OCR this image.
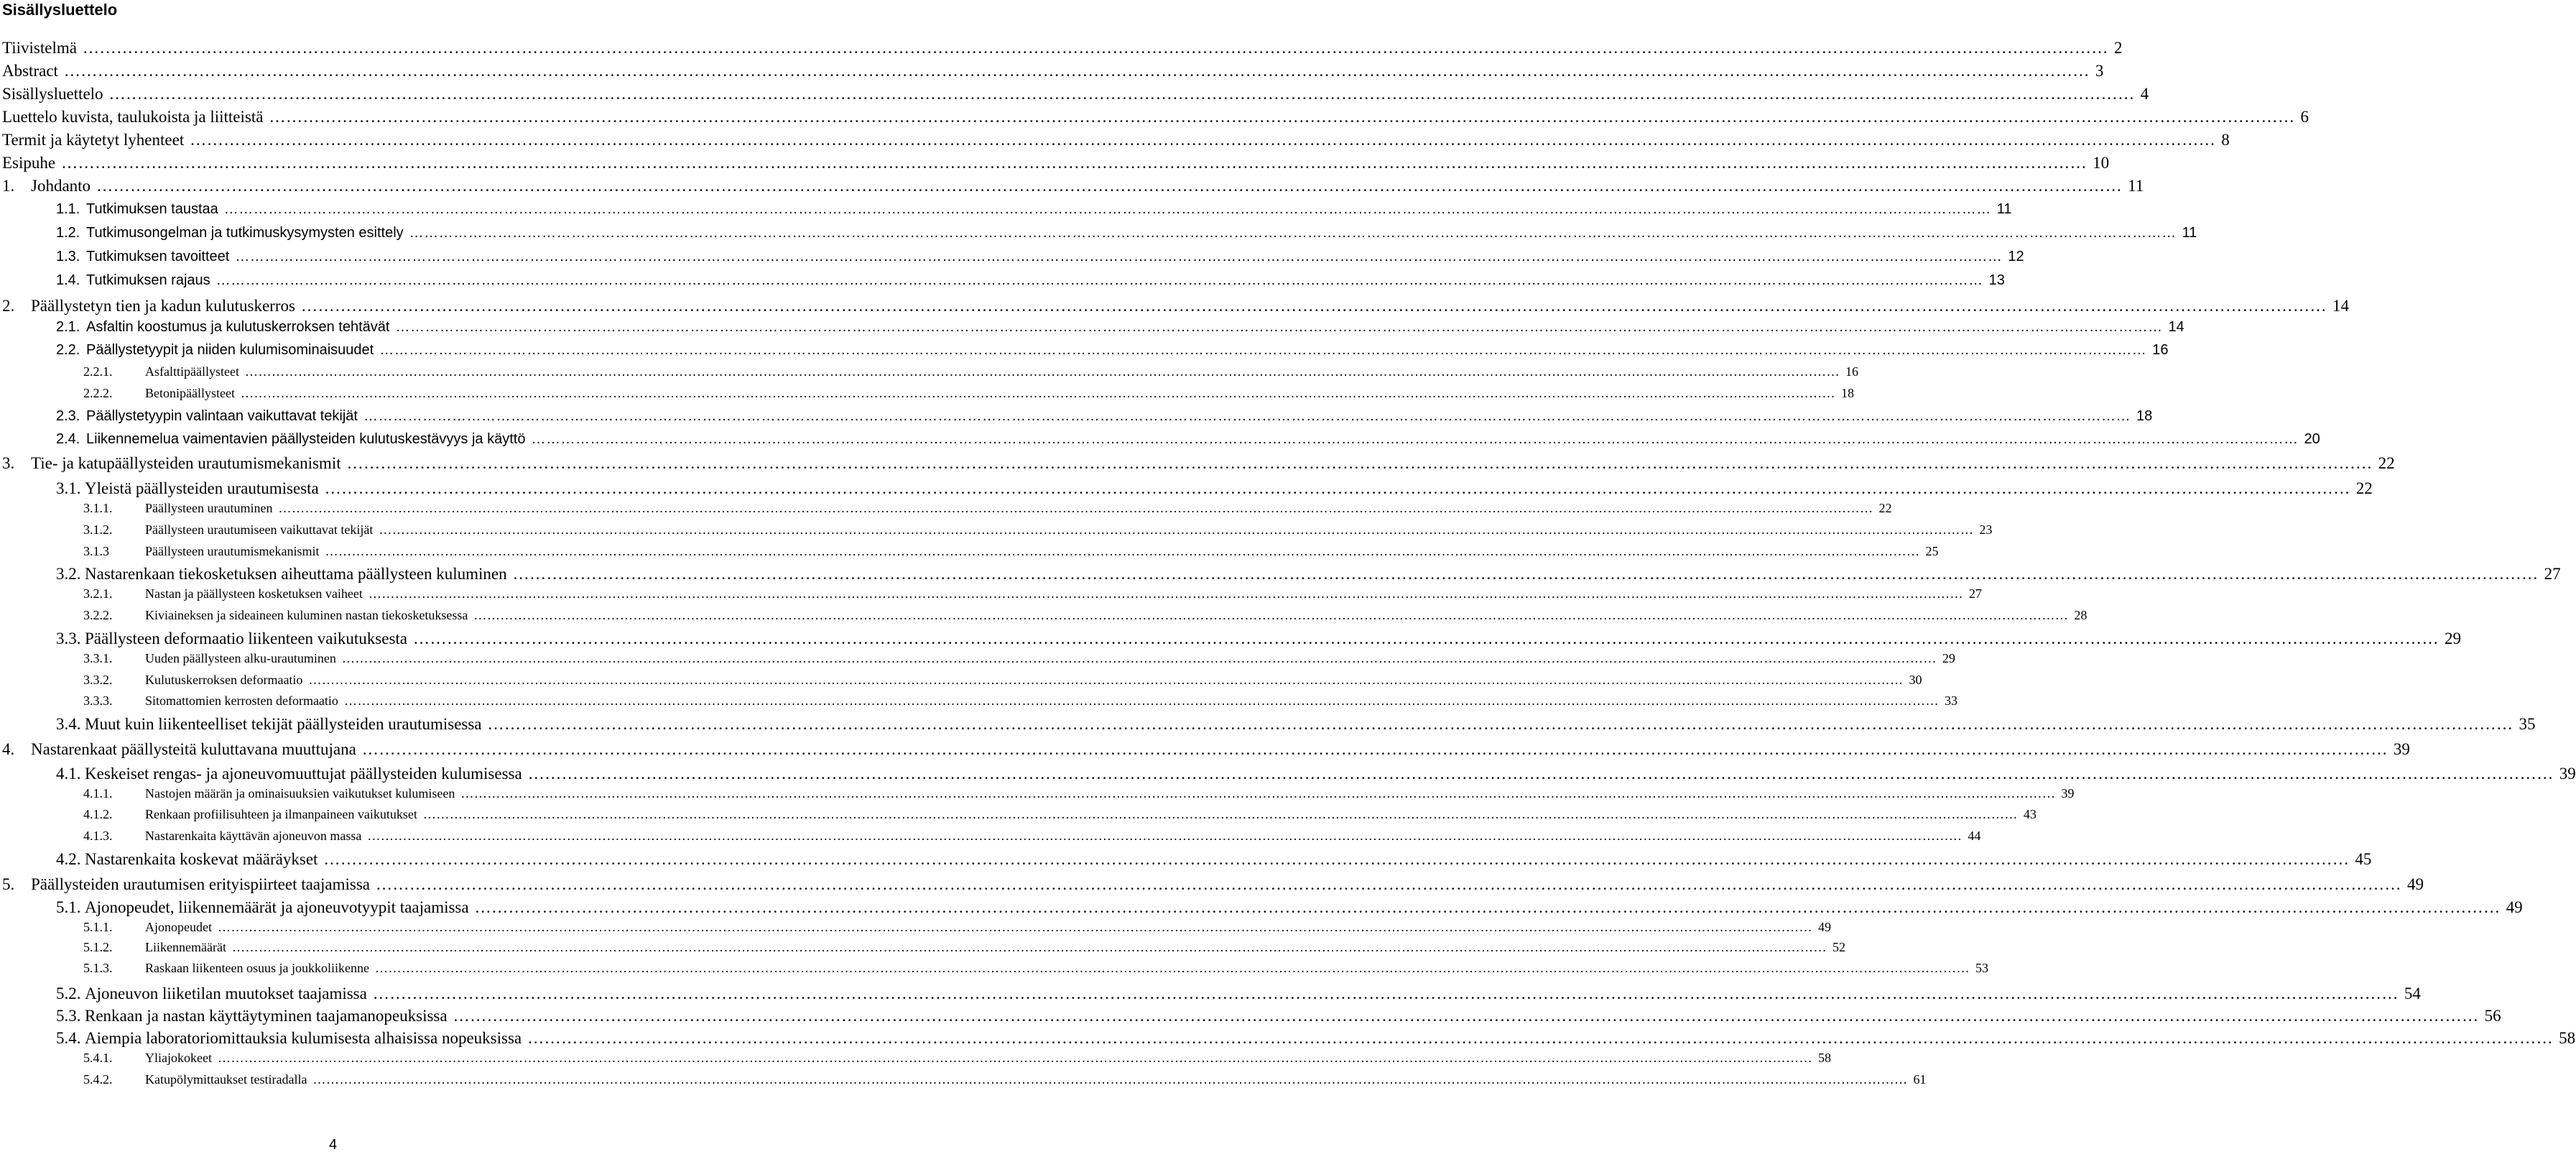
Sisällysluettelo
Tiivistelmä ……………………………………………………………………………………………………………………………………………………………………………………………………………………………………………………………………………………………………………………………… 2
Abstract ……………………………………………………………………………………………………………………………………………………………………………………………………………………………………………………………………………………………………………………………… 3
Sisällysluettelo ……………………………………………………………………………………………………………………………………………………………………………………………………………………………………………………………………………………………………………………………… 4
Luettelo kuvista, taulukoista ja liitteistä ……………………………………………………………………………………………………………………………………………………………………………………………………………………………………………………………………………………………………………………………… 6
Termit ja käytetyt lyhenteet ……………………………………………………………………………………………………………………………………………………………………………………………………………………………………………………………………………………………………………………………… 8
Esipuhe ……………………………………………………………………………………………………………………………………………………………………………………………………………………………………………………………………………………………………………………………… 10
1. Johdanto ……………………………………………………………………………………………………………………………………………………………………………………………………………………………………………………………………………………………………………………………… 11
1.1. Tutkimuksen taustaa ……………………………………………………………………………………………………………………………………………………………………………………………………………………………………………………………………………………………………………………………… 11
1.2. Tutkimusongelman ja tutkimuskysymysten esittely ……………………………………………………………………………………………………………………………………………………………………………………………………………………………………………………………………………………………………………………………… 11
1.3. Tutkimuksen tavoitteet ……………………………………………………………………………………………………………………………………………………………………………………………………………………………………………………………………………………………………………………………… 12
1.4. Tutkimuksen rajaus ……………………………………………………………………………………………………………………………………………………………………………………………………………………………………………………………………………………………………………………………… 13
2. Päällystetyn tien ja kadun kulutuskerros ……………………………………………………………………………………………………………………………………………………………………………………………………………………………………………………………………………………………………………………………… 14
2.1. Asfaltin koostumus ja kulutuskerroksen tehtävät ……………………………………………………………………………………………………………………………………………………………………………………………………………………………………………………………………………………………………………………………… 14
2.2. Päällystetyypit ja niiden kulumisominaisuudet ……………………………………………………………………………………………………………………………………………………………………………………………………………………………………………………………………………………………………………………………… 16
2.2.1.	Asfalttipäällysteet ……………………………………………………………………………………………………………………………………………………………………………………………………………………………………………………………………………………………………………………………… 16
2.2.2.	Betonipäällysteet ……………………………………………………………………………………………………………………………………………………………………………………………………………………………………………………………………………………………………………………………… 18
2.3. Päällystetyypin valintaan vaikuttavat tekijät ……………………………………………………………………………………………………………………………………………………………………………………………………………………………………………………………………………………………………………………………… 18
2.4. Liikennemelua vaimentavien päällysteiden kulutuskestävyys ja käyttö ……………………………………………………………………………………………………………………………………………………………………………………………………………………………………………………………………………………………………………………………… 20
3. Tie- ja katupäällysteiden urautumismekanismit ……………………………………………………………………………………………………………………………………………………………………………………………………………………………………………………………………………………………………………………………… 22
3.1. Yleistä päällysteiden urautumisesta ……………………………………………………………………………………………………………………………………………………………………………………………………………………………………………………………………………………………………………………………… 22
3.1.1.	Päällysteen urautuminen ……………………………………………………………………………………………………………………………………………………………………………………………………………………………………………………………………………………………………………………………… 22
3.1.2.	Päällysteen urautumiseen vaikuttavat tekijät ……………………………………………………………………………………………………………………………………………………………………………………………………………………………………………………………………………………………………………………………… 23
3.1.3	Päällysteen urautumismekanismit ……………………………………………………………………………………………………………………………………………………………………………………………………………………………………………………………………………………………………………………………… 25
3.2. Nastarenkaan tiekosketuksen aiheuttama päällysteen kuluminen ……………………………………………………………………………………………………………………………………………………………………………………………………………………………………………………………………………………………………………………………… 27
3.2.1.	Nastan ja päällysteen kosketuksen vaiheet ……………………………………………………………………………………………………………………………………………………………………………………………………………………………………………………………………………………………………………………………… 27
3.2.2.	Kiviaineksen ja sideaineen kuluminen nastan tiekosketuksessa ……………………………………………………………………………………………………………………………………………………………………………………………………………………………………………………………………………………………………………………………… 28
3.3. Päällysteen deformaatio liikenteen vaikutuksesta ……………………………………………………………………………………………………………………………………………………………………………………………………………………………………………………………………………………………………………………………… 29
3.3.1.	Uuden päällysteen alku-urautuminen ……………………………………………………………………………………………………………………………………………………………………………………………………………………………………………………………………………………………………………………………… 29
3.3.2.	Kulutuskerroksen deformaatio ……………………………………………………………………………………………………………………………………………………………………………………………………………………………………………………………………………………………………………………………… 30
3.3.3.	Sitomattomien kerrosten deformaatio ……………………………………………………………………………………………………………………………………………………………………………………………………………………………………………………………………………………………………………………………… 33
3.4. Muut kuin liikenteelliset tekijät päällysteiden urautumisessa ……………………………………………………………………………………………………………………………………………………………………………………………………………………………………………………………………………………………………………………………… 35
4. Nastarenkaat päällysteitä kuluttavana muuttujana ……………………………………………………………………………………………………………………………………………………………………………………………………………………………………………………………………………………………………………………………… 39
4.1. Keskeiset rengas- ja ajoneuvomuuttujat päällysteiden kulumisessa ……………………………………………………………………………………………………………………………………………………………………………………………………………………………………………………………………………………………………………………………… 39
4.1.1.	Nastojen määrän ja ominaisuuksien vaikutukset kulumiseen ……………………………………………………………………………………………………………………………………………………………………………………………………………………………………………………………………………………………………………………………… 39
4.1.2.	Renkaan profiilisuhteen ja ilmanpaineen vaikutukset ……………………………………………………………………………………………………………………………………………………………………………………………………………………………………………………………………………………………………………………………… 43
4.1.3.	Nastarenkaita käyttävän ajoneuvon massa ……………………………………………………………………………………………………………………………………………………………………………………………………………………………………………………………………………………………………………………………… 44
4.2. Nastarenkaita koskevat määräykset ……………………………………………………………………………………………………………………………………………………………………………………………………………………………………………………………………………………………………………………………… 45
5. Päällysteiden urautumisen erityispiirteet taajamissa ……………………………………………………………………………………………………………………………………………………………………………………………………………………………………………………………………………………………………………………………… 49
5.1. Ajonopeudet, liikennemäärät ja ajoneuvotyypit taajamissa ……………………………………………………………………………………………………………………………………………………………………………………………………………………………………………………………………………………………………………………………… 49
5.1.1.	Ajonopeudet ……………………………………………………………………………………………………………………………………………………………………………………………………………………………………………………………………………………………………………………………… 49
5.1.2.	Liikennemäärät ……………………………………………………………………………………………………………………………………………………………………………………………………………………………………………………………………………………………………………………………… 52
5.1.3.	Raskaan liikenteen osuus ja joukkoliikenne ……………………………………………………………………………………………………………………………………………………………………………………………………………………………………………………………………………………………………………………………… 53
5.2. Ajoneuvon liiketilan muutokset taajamissa ……………………………………………………………………………………………………………………………………………………………………………………………………………………………………………………………………………………………………………………………… 54
5.3. Renkaan ja nastan käyttäytyminen taajamanopeuksissa ……………………………………………………………………………………………………………………………………………………………………………………………………………………………………………………………………………………………………………………………… 56
5.4. Aiempia laboratoriomittauksia kulumisesta alhaisissa nopeuksissa ……………………………………………………………………………………………………………………………………………………………………………………………………………………………………………………………………………………………………………………………… 58
5.4.1.	Yliajokokeet ……………………………………………………………………………………………………………………………………………………………………………………………………………………………………………………………………………………………………………………………… 58
5.4.2.	Katupölymittaukset testiradalla ……………………………………………………………………………………………………………………………………………………………………………………………………………………………………………………………………………………………………………………………… 61
4
